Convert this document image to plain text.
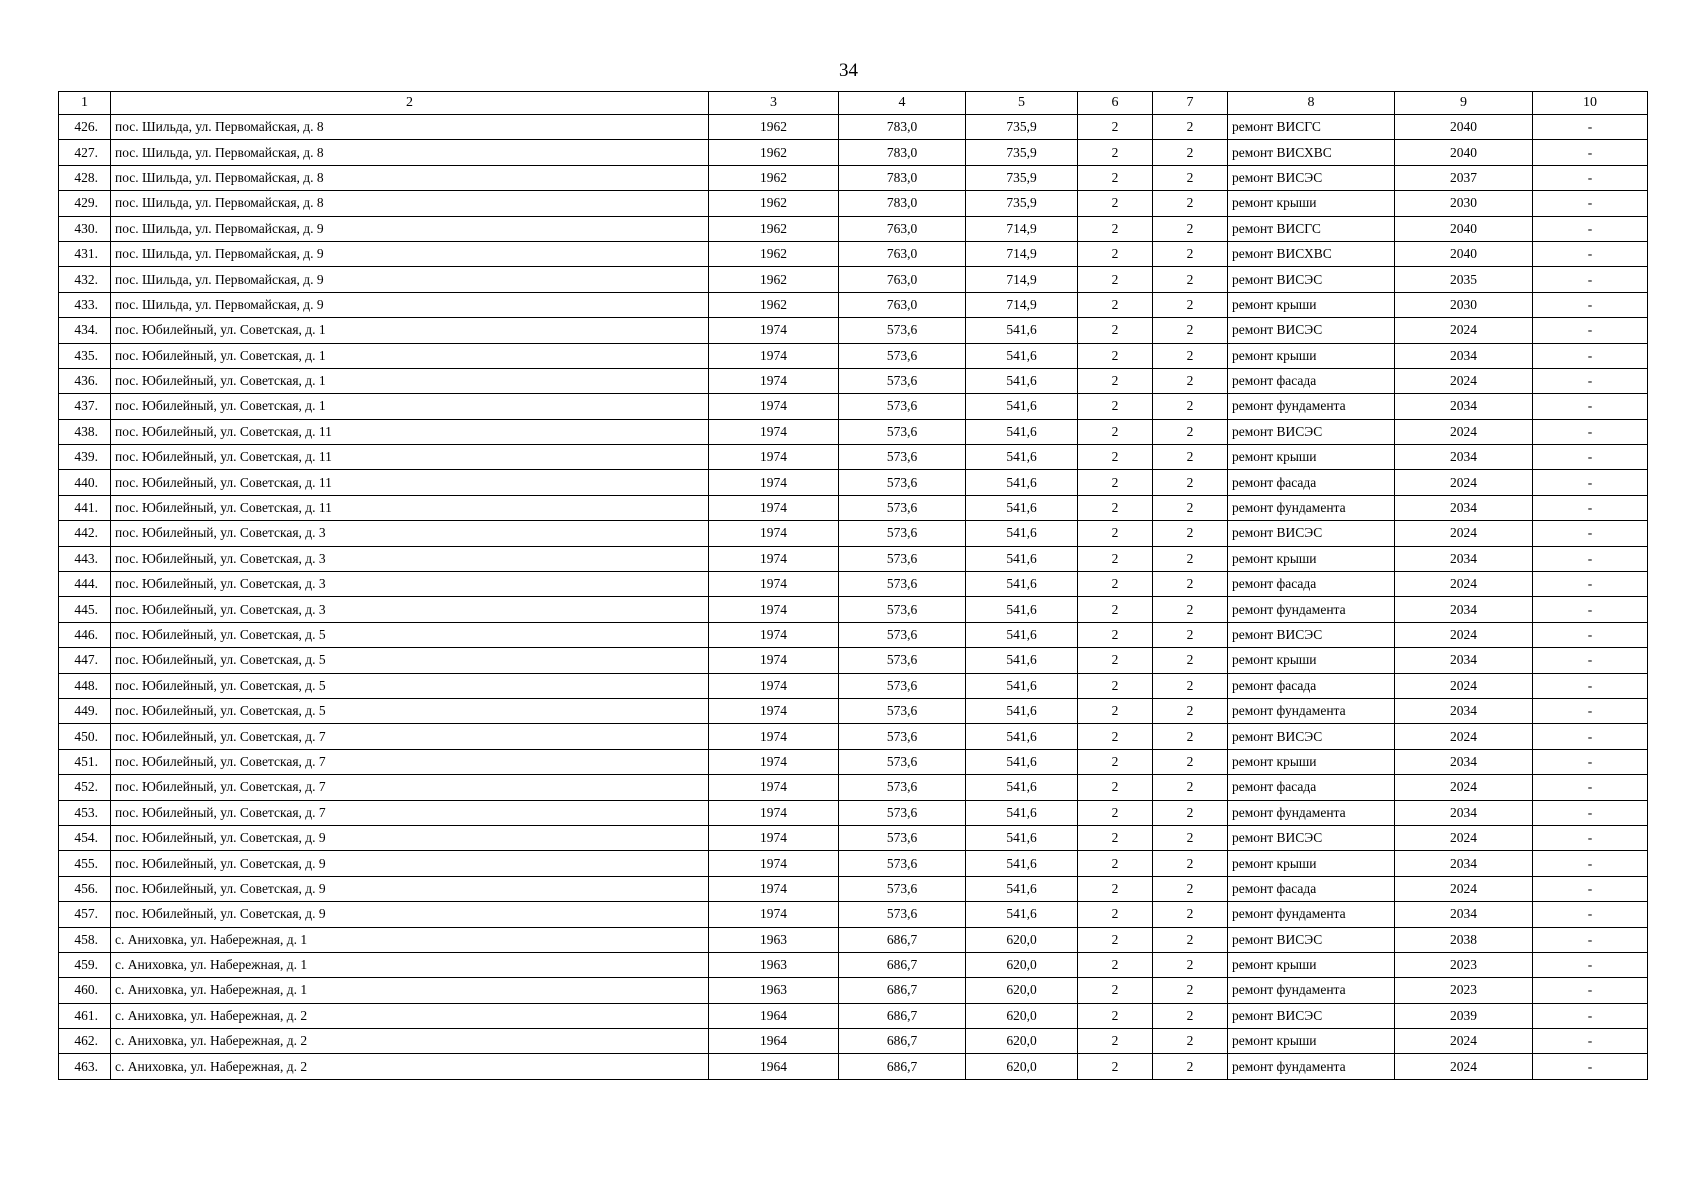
34
1	2	3	4	5	6	7	8	9	10
426.	пос. Шильда, ул. Первомайская, д. 8	1962	783,0	735,9	2	2	ремонт ВИСГС	2040	-
427.	пос. Шильда, ул. Первомайская, д. 8	1962	783,0	735,9	2	2	ремонт ВИСХВС	2040	-
428.	пос. Шильда, ул. Первомайская, д. 8	1962	783,0	735,9	2	2	ремонт ВИСЭС	2037	-
429.	пос. Шильда, ул. Первомайская, д. 8	1962	783,0	735,9	2	2	ремонт крыши	2030	-
430.	пос. Шильда, ул. Первомайская, д. 9	1962	763,0	714,9	2	2	ремонт ВИСГС	2040	-
431.	пос. Шильда, ул. Первомайская, д. 9	1962	763,0	714,9	2	2	ремонт ВИСХВС	2040	-
432.	пос. Шильда, ул. Первомайская, д. 9	1962	763,0	714,9	2	2	ремонт ВИСЭС	2035	-
433.	пос. Шильда, ул. Первомайская, д. 9	1962	763,0	714,9	2	2	ремонт крыши	2030	-
434.	пос. Юбилейный, ул. Советская, д. 1	1974	573,6	541,6	2	2	ремонт ВИСЭС	2024	-
435.	пос. Юбилейный, ул. Советская, д. 1	1974	573,6	541,6	2	2	ремонт крыши	2034	-
436.	пос. Юбилейный, ул. Советская, д. 1	1974	573,6	541,6	2	2	ремонт фасада	2024	-
437.	пос. Юбилейный, ул. Советская, д. 1	1974	573,6	541,6	2	2	ремонт фундамента	2034	-
438.	пос. Юбилейный, ул. Советская, д. 11	1974	573,6	541,6	2	2	ремонт ВИСЭС	2024	-
439.	пос. Юбилейный, ул. Советская, д. 11	1974	573,6	541,6	2	2	ремонт крыши	2034	-
440.	пос. Юбилейный, ул. Советская, д. 11	1974	573,6	541,6	2	2	ремонт фасада	2024	-
441.	пос. Юбилейный, ул. Советская, д. 11	1974	573,6	541,6	2	2	ремонт фундамента	2034	-
442.	пос. Юбилейный, ул. Советская, д. 3	1974	573,6	541,6	2	2	ремонт ВИСЭС	2024	-
443.	пос. Юбилейный, ул. Советская, д. 3	1974	573,6	541,6	2	2	ремонт крыши	2034	-
444.	пос. Юбилейный, ул. Советская, д. 3	1974	573,6	541,6	2	2	ремонт фасада	2024	-
445.	пос. Юбилейный, ул. Советская, д. 3	1974	573,6	541,6	2	2	ремонт фундамента	2034	-
446.	пос. Юбилейный, ул. Советская, д. 5	1974	573,6	541,6	2	2	ремонт ВИСЭС	2024	-
447.	пос. Юбилейный, ул. Советская, д. 5	1974	573,6	541,6	2	2	ремонт крыши	2034	-
448.	пос. Юбилейный, ул. Советская, д. 5	1974	573,6	541,6	2	2	ремонт фасада	2024	-
449.	пос. Юбилейный, ул. Советская, д. 5	1974	573,6	541,6	2	2	ремонт фундамента	2034	-
450.	пос. Юбилейный, ул. Советская, д. 7	1974	573,6	541,6	2	2	ремонт ВИСЭС	2024	-
451.	пос. Юбилейный, ул. Советская, д. 7	1974	573,6	541,6	2	2	ремонт крыши	2034	-
452.	пос. Юбилейный, ул. Советская, д. 7	1974	573,6	541,6	2	2	ремонт фасада	2024	-
453.	пос. Юбилейный, ул. Советская, д. 7	1974	573,6	541,6	2	2	ремонт фундамента	2034	-
454.	пос. Юбилейный, ул. Советская, д. 9	1974	573,6	541,6	2	2	ремонт ВИСЭС	2024	-
455.	пос. Юбилейный, ул. Советская, д. 9	1974	573,6	541,6	2	2	ремонт крыши	2034	-
456.	пос. Юбилейный, ул. Советская, д. 9	1974	573,6	541,6	2	2	ремонт фасада	2024	-
457.	пос. Юбилейный, ул. Советская, д. 9	1974	573,6	541,6	2	2	ремонт фундамента	2034	-
458.	с. Аниховка, ул. Набережная, д. 1	1963	686,7	620,0	2	2	ремонт ВИСЭС	2038	-
459.	с. Аниховка, ул. Набережная, д. 1	1963	686,7	620,0	2	2	ремонт крыши	2023	-
460.	с. Аниховка, ул. Набережная, д. 1	1963	686,7	620,0	2	2	ремонт фундамента	2023	-
461.	с. Аниховка, ул. Набережная, д. 2	1964	686,7	620,0	2	2	ремонт ВИСЭС	2039	-
462.	с. Аниховка, ул. Набережная, д. 2	1964	686,7	620,0	2	2	ремонт крыши	2024	-
463.	с. Аниховка, ул. Набережная, д. 2	1964	686,7	620,0	2	2	ремонт фундамента	2024	-
